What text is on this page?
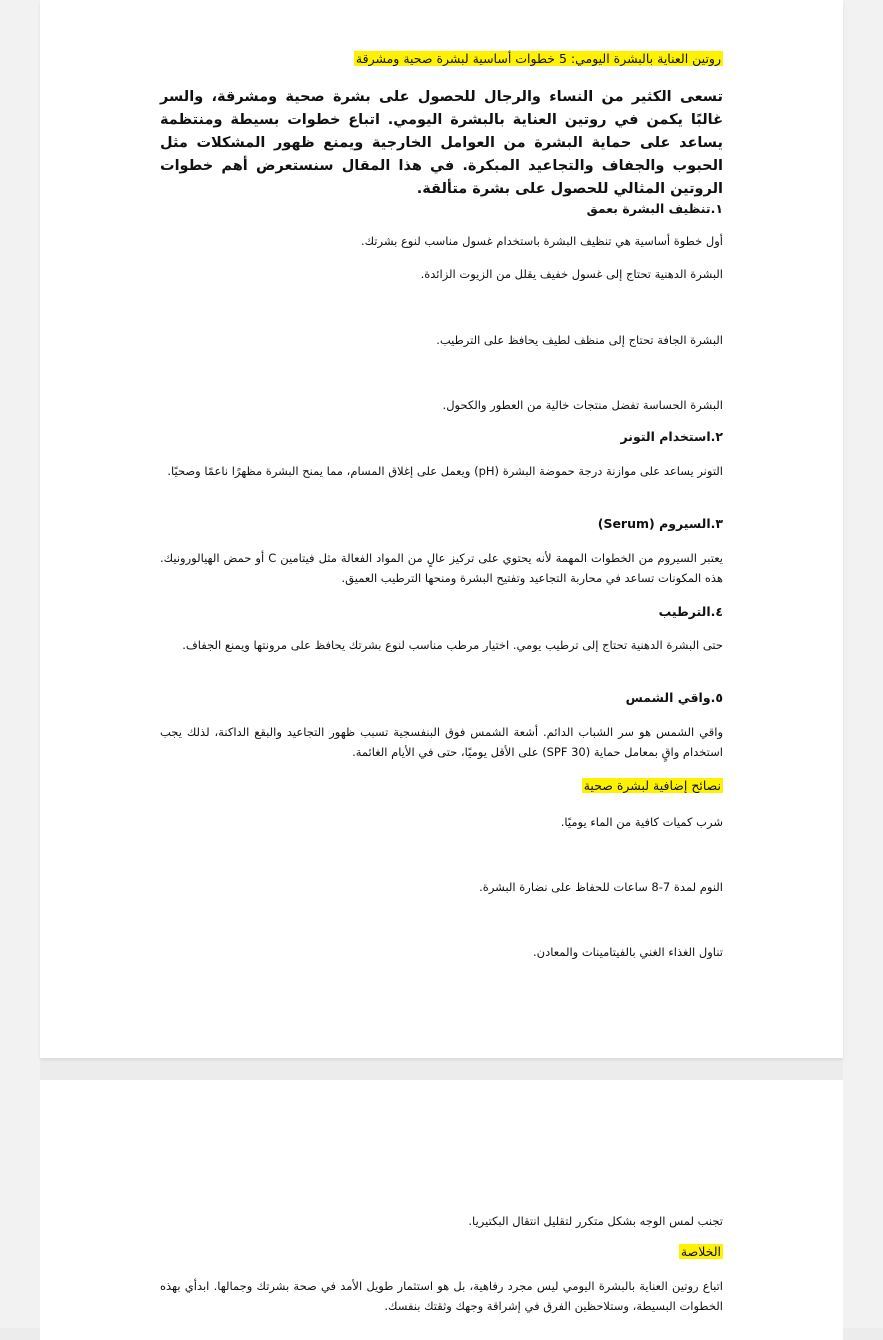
روتين العناية بالبشرة اليومي: 5 خطوات أساسية لبشرة صحية ومشرقة

تسعى الكثير من النساء والرجال للحصول على بشرة صحية ومشرقة، والسر غالبًا يكمن في روتين العناية بالبشرة اليومي. اتباع خطوات بسيطة ومنتظمة يساعد على حماية البشرة من العوامل الخارجية ويمنع ظهور المشكلات مثل الحبوب والجفاف والتجاعيد المبكرة. في هذا المقال سنستعرض أهم خطوات الروتين المثالي للحصول على بشرة متألقة.

١.تنظيف البشرة بعمق

أول خطوة أساسية هي تنظيف البشرة باستخدام غسول مناسب لنوع بشرتك.

البشرة الدهنية تحتاج إلى غسول خفيف يقلل من الزيوت الزائدة.

البشرة الجافة تحتاج إلى منظف لطيف يحافظ على الترطيب.

البشرة الحساسة تفضل منتجات خالية من العطور والكحول.

٢.استخدام التونر

التونر يساعد على موازنة درجة حموضة البشرة (pH) ويعمل على إغلاق المسام، مما يمنح البشرة مظهرًا ناعمًا وصحيًا.

٣.السيروم (Serum)

يعتبر السيروم من الخطوات المهمة لأنه يحتوي على تركيز عالٍ من المواد الفعالة مثل فيتامين C أو حمض الهيالورونيك. هذه المكونات تساعد في محاربة التجاعيد وتفتيح البشرة ومنحها الترطيب العميق.

٤.الترطيب

حتى البشرة الدهنية تحتاج إلى ترطيب يومي. اختيار مرطب مناسب لنوع بشرتك يحافظ على مرونتها ويمنع الجفاف.

٥.واقي الشمس

واقي الشمس هو سر الشباب الدائم. أشعة الشمس فوق البنفسجية تسبب ظهور التجاعيد والبقع الداكنة، لذلك يجب استخدام واقٍ بمعامل حماية (SPF 30) على الأقل يوميًا، حتى في الأيام الغائمة.

نصائح إضافية لبشرة صحية

شرب كميات كافية من الماء يوميًا.

النوم لمدة 7-8 ساعات للحفاظ على نضارة البشرة.

تناول الغذاء الغني بالفيتامينات والمعادن.

تجنب لمس الوجه بشكل متكرر لتقليل انتقال البكتيريا.

الخلاصة

اتباع روتين العناية بالبشرة اليومي ليس مجرد رفاهية، بل هو استثمار طويل الأمد في صحة بشرتك وجمالها. ابدأي بهذه الخطوات البسيطة، وستلاحظين الفرق في إشراقة وجهك وثقتك بنفسك.
